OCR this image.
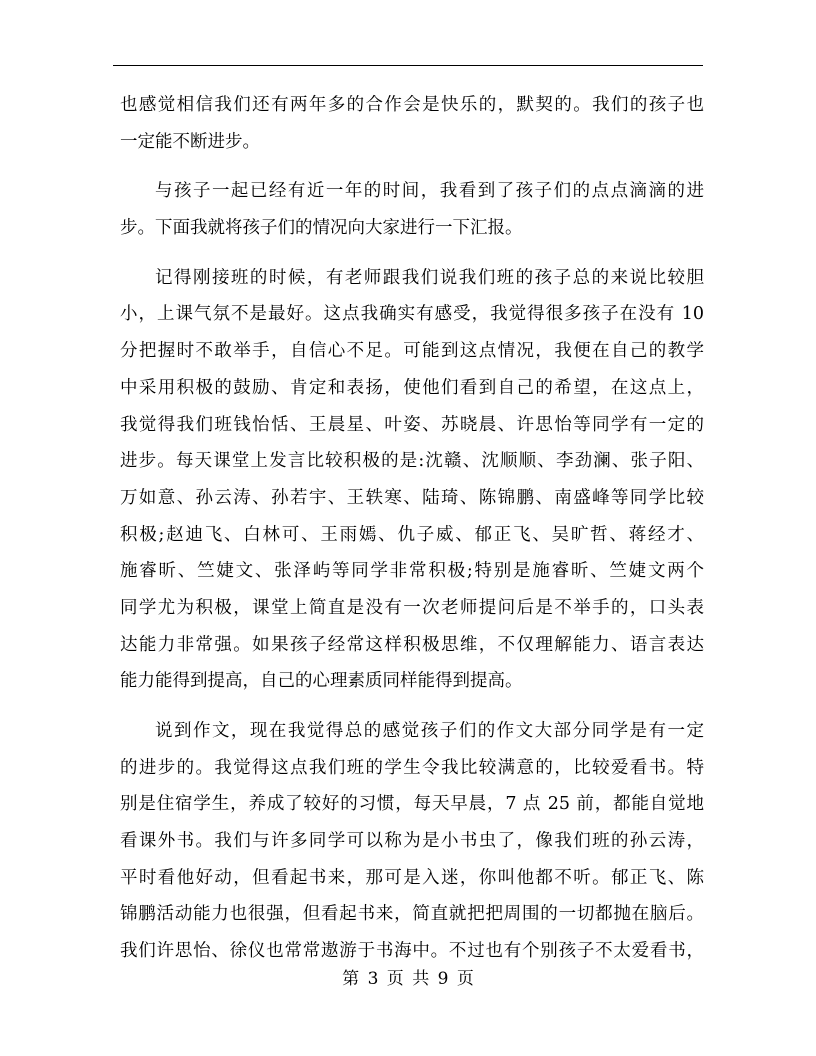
也感觉相信我们还有两年多的合作会是快乐的，默契的。我们的孩子也
一定能不断进步。
与孩子一起已经有近一年的时间，我看到了孩子们的点点滴滴的进
步。下面我就将孩子们的情况向大家进行一下汇报。
记得刚接班的时候，有老师跟我们说我们班的孩子总的来说比较胆
小，上课气氛不是最好。这点我确实有感受，我觉得很多孩子在没有 10
分把握时不敢举手，自信心不足。可能到这点情况，我便在自己的教学
中采用积极的鼓励、肯定和表扬，使他们看到自己的希望，在这点上，
我觉得我们班钱怡恬、王晨星、叶姿、苏晓晨、许思怡等同学有一定的
进步。每天课堂上发言比较积极的是:沈赣、沈顺顺、李劲澜、张子阳、
万如意、孙云涛、孙若宇、王轶寒、陆琦、陈锦鹏、南盛峰等同学比较
积极;赵迪飞、白林可、王雨嫣、仇子威、郁正飞、吴旷哲、蒋经才、
施睿昕、竺婕文、张泽屿等同学非常积极;特别是施睿昕、竺婕文两个
同学尤为积极，课堂上简直是没有一次老师提问后是不举手的，口头表
达能力非常强。如果孩子经常这样积极思维，不仅理解能力、语言表达
能力能得到提高，自己的心理素质同样能得到提高。
说到作文，现在我觉得总的感觉孩子们的作文大部分同学是有一定
的进步的。我觉得这点我们班的学生令我比较满意的，比较爱看书。特
别是住宿学生，养成了较好的习惯，每天早晨，7 点 25 前，都能自觉地
看课外书。我们与许多同学可以称为是小书虫了，像我们班的孙云涛，
平时看他好动，但看起书来，那可是入迷，你叫他都不听。郁正飞、陈
锦鹏活动能力也很强，但看起书来，简直就把把周围的一切都抛在脑后。
我们许思怡、徐仪也常常遨游于书海中。不过也有个别孩子不太爱看书，
第 3 页 共 9 页
